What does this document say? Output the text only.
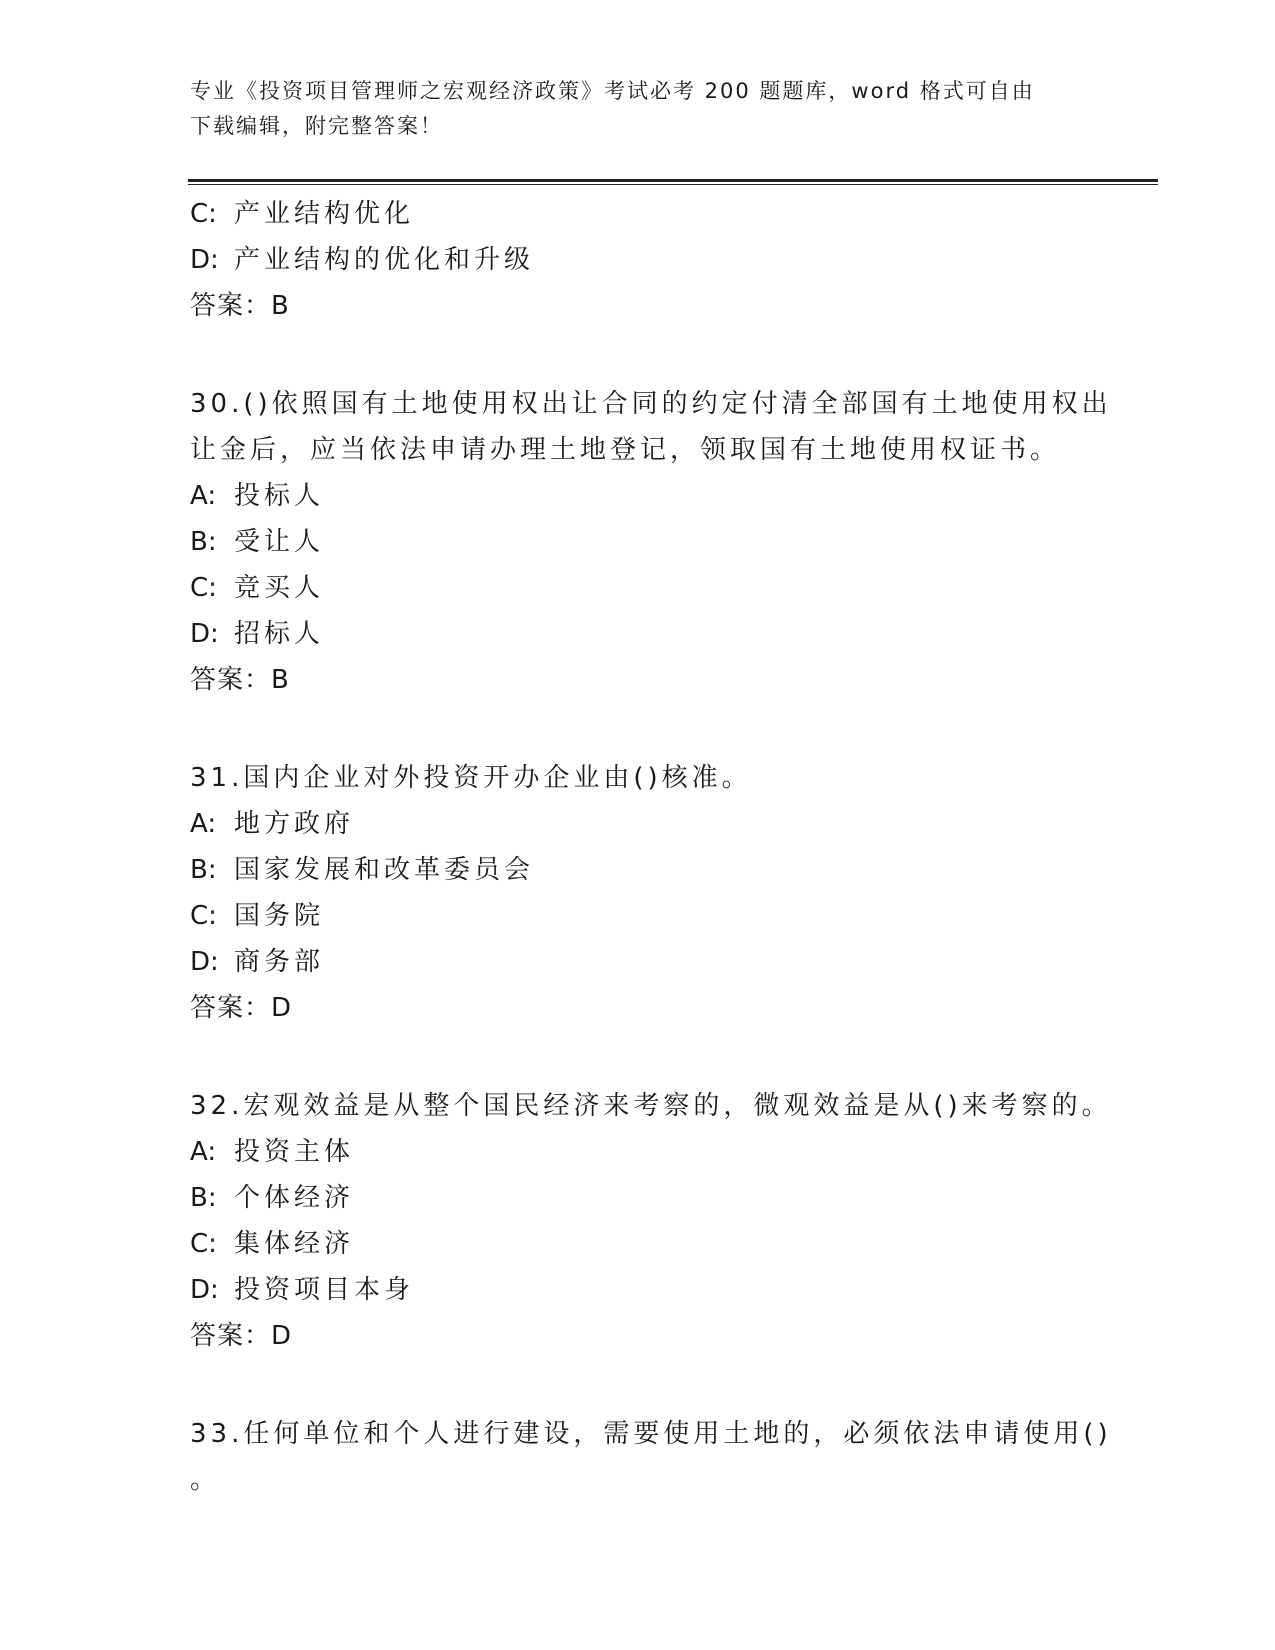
专业《投资项目管理师之宏观经济政策》考试必考 200 题题库，word 格式可自由
下载编辑，附完整答案！
C: 产业结构优化
D: 产业结构的优化和升级
答案：B
30.()依照国有土地使用权出让合同的约定付清全部国有土地使用权出
让金后，应当依法申请办理土地登记，领取国有土地使用权证书。
A: 投标人
B: 受让人
C: 竞买人
D: 招标人
答案：B
31.国内企业对外投资开办企业由()核准。
A: 地方政府
B: 国家发展和改革委员会
C: 国务院
D: 商务部
答案：D
32.宏观效益是从整个国民经济来考察的，微观效益是从()来考察的。
A: 投资主体
B: 个体经济
C: 集体经济
D: 投资项目本身
答案：D
33.任何单位和个人进行建设，需要使用土地的，必须依法申请使用()
。
